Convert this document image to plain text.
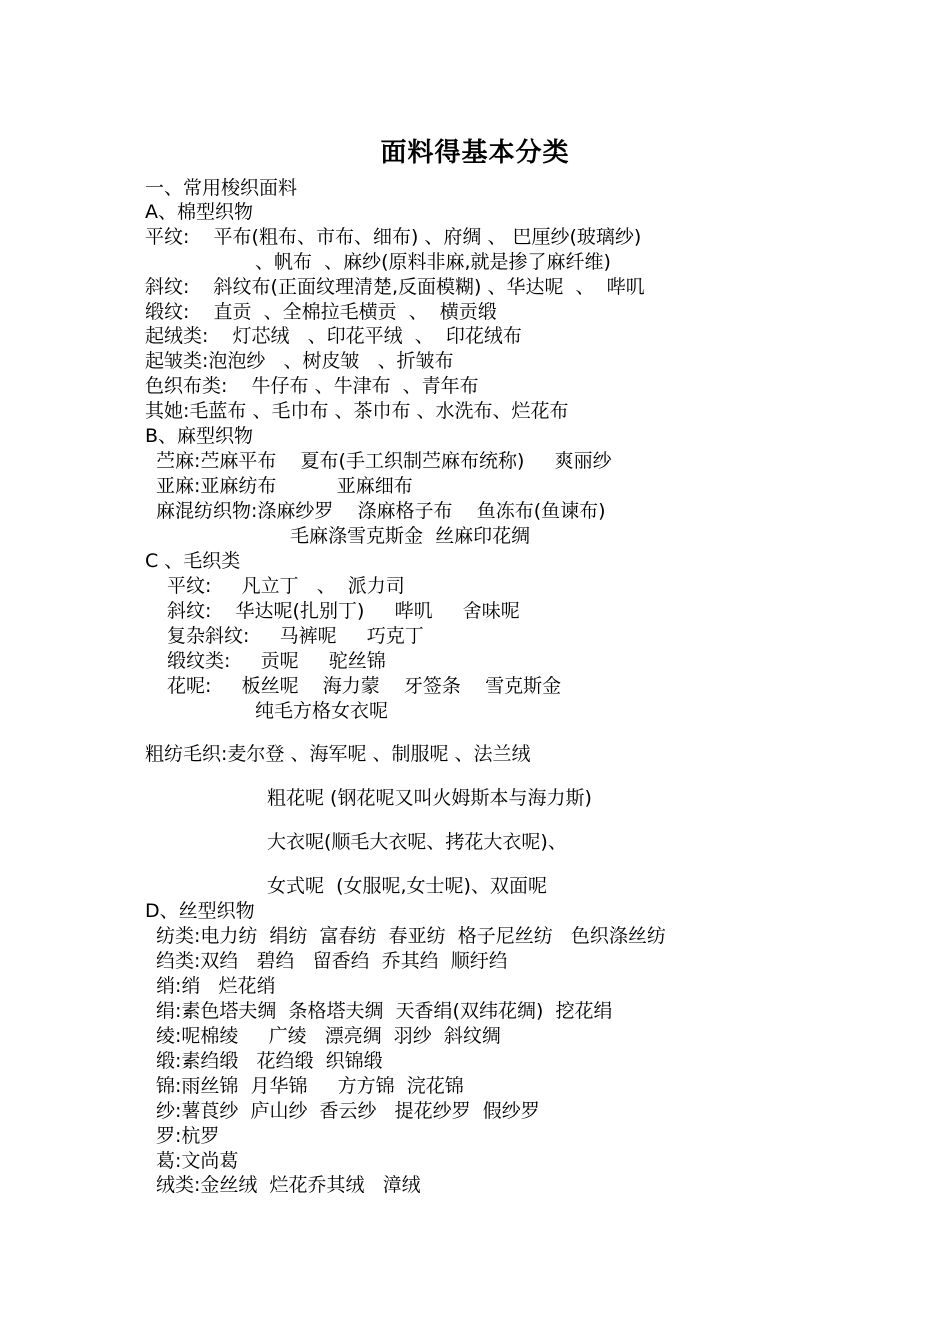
面料得基本分类
一、常用梭织面料
A、棉型织物
平纹:    平布(粗布、市布、细布) 、府绸 、 巴厘纱(玻璃纱)
、帆布  、麻纱(原料非麻,就是掺了麻纤维)
斜纹:    斜纹布(正面纹理清楚,反面模糊) 、华达呢  、  哔叽
缎纹:    直贡  、全棉拉毛横贡  、  横贡缎
起绒类:    灯芯绒   、印花平绒  、  印花绒布
起皱类:泡泡纱   、树皮皱   、折皱布
色织布类:    牛仔布 、牛津布  、青年布
其她:毛蓝布 、毛巾布 、茶巾布 、水洗布、烂花布
B、麻型织物
苎麻:苎麻平布    夏布(手工织制苎麻布统称)     爽丽纱
亚麻:亚麻纺布          亚麻细布
麻混纺织物:涤麻纱罗    涤麻格子布    鱼冻布(鱼谏布)
毛麻涤雪克斯金  丝麻印花绸
C 、毛织类
平纹:     凡立丁   、  派力司
斜纹:    华达呢(扎别丁)     哔叽     舍味呢
复杂斜纹:     马裤呢     巧克丁
缎纹类:     贡呢     驼丝锦
花呢:     板丝呢    海力蒙    牙签条    雪克斯金
纯毛方格女衣呢
粗纺毛织:麦尔登 、海军呢 、制服呢 、法兰绒
粗花呢 (钢花呢又叫火姆斯本与海力斯)
大衣呢(顺毛大衣呢、拷花大衣呢)、
女式呢  (女服呢,女士呢)、双面呢
D、丝型织物
纺类:电力纺  绢纺  富春纺  春亚纺  格子尼丝纺   色织涤丝纺
绉类:双绉   碧绉   留香绉  乔其绉  顺纡绉
绡:绡   烂花绡
绢:素色塔夫绸  条格塔夫绸  天香绢(双纬花绸)  挖花绢
绫:呢棉绫     广绫   漂亮绸  羽纱  斜纹绸
缎:素绉缎   花绉缎  织锦缎
锦:雨丝锦  月华锦     方方锦  浣花锦
纱:薯莨纱  庐山纱  香云纱   提花纱罗  假纱罗
罗:杭罗
葛:文尚葛
绒类:金丝绒  烂花乔其绒   漳绒
